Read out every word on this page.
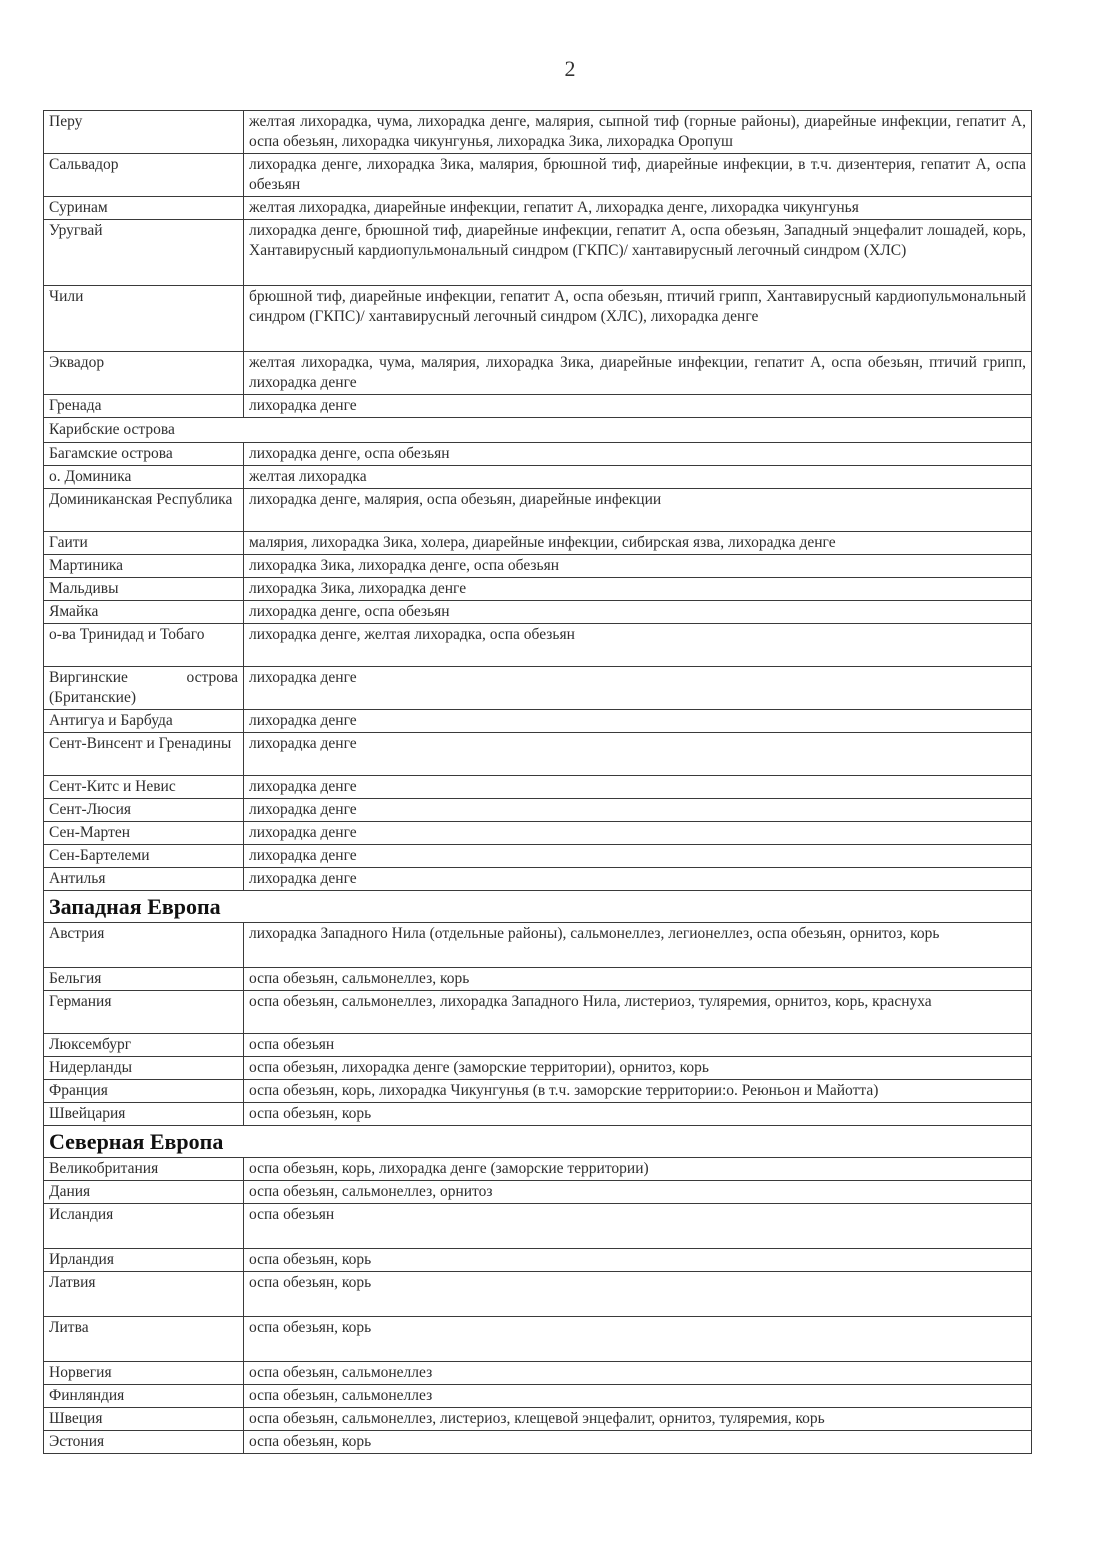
2
Перу	желтая лихорадка, чума, лихорадка денге, малярия, сыпной тиф (горные районы), диарейные инфекции, гепатит А, оспа обезьян, лихорадка чикунгунья, лихорадка Зика, лихорадка Оропуш
Сальвадор	лихорадка денге, лихорадка Зика, малярия, брюшной тиф, диарейные инфекции, в т.ч. дизентерия, гепатит А, оспа обезьян
Суринам	желтая лихорадка, диарейные инфекции, гепатит А, лихорадка денге, лихорадка чикунгунья
Уругвай	лихорадка денге, брюшной тиф, диарейные инфекции, гепатит А, оспа обезьян, Западный энцефалит лошадей, корь, Хантавирусный кардиопульмональный синдром (ГКПС)/ хантавирусный легочный синдром (ХЛС)
Чили	брюшной тиф, диарейные инфекции, гепатит А, оспа обезьян, птичий грипп, Хантавирусный кардиопульмональный синдром (ГКПС)/ хантавирусный легочный синдром (ХЛС), лихорадка денге
Эквадор	желтая лихорадка, чума, малярия, лихорадка Зика, диарейные инфекции, гепатит А, оспа обезьян, птичий грипп, лихорадка денге
Гренада	лихорадка денге
Карибские острова	
Багамские острова	лихорадка денге, оспа обезьян
о. Доминика	желтая лихорадка
Доминиканская Республика	лихорадка денге, малярия, оспа обезьян, диарейные инфекции
Гаити	малярия, лихорадка Зика, холера, диарейные инфекции, сибирская язва, лихорадка денге
Мартиника	лихорадка Зика, лихорадка денге, оспа обезьян
Мальдивы	лихорадка Зика, лихорадка денге
Ямайка	лихорадка денге, оспа обезьян
о-ва Тринидад и Тобаго	лихорадка денге, желтая лихорадка, оспа обезьян
Виргинские острова (Британские)	лихорадка денге
Антигуа и Барбуда	лихорадка денге
Сент-Винсент и Гренадины	лихорадка денге
Сент-Китс и Невис	лихорадка денге
Сент-Люсия	лихорадка денге
Сен-Мартен	лихорадка денге
Сен-Бартелеми	лихорадка денге
Антилья	лихорадка денге
Западная Европа	
Австрия	лихорадка Западного Нила (отдельные районы), сальмонеллез, легионеллез, оспа обезьян, орнитоз, корь
Бельгия	оспа обезьян, сальмонеллез, корь
Германия	оспа обезьян, сальмонеллез, лихорадка Западного Нила, листериоз, туляремия, орнитоз, корь, краснуха
Люксембург	оспа обезьян
Нидерланды	оспа обезьян, лихорадка денге (заморские территории), орнитоз, корь
Франция	оспа обезьян, корь, лихорадка Чикунгунья (в т.ч. заморские территории:о. Реюньон и Майотта)
Швейцария	оспа обезьян, корь
Северная Европа	
Великобритания	оспа обезьян, корь, лихорадка денге (заморские территории)
Дания	оспа обезьян, сальмонеллез, орнитоз
Исландия	оспа обезьян
Ирландия	оспа обезьян, корь
Латвия	оспа обезьян, корь
Литва	оспа обезьян, корь
Норвегия	оспа обезьян, сальмонеллез
Финляндия	оспа обезьян, сальмонеллез
Швеция	оспа обезьян, сальмонеллез, листериоз, клещевой энцефалит, орнитоз, туляремия, корь
Эстония	оспа обезьян, корь
